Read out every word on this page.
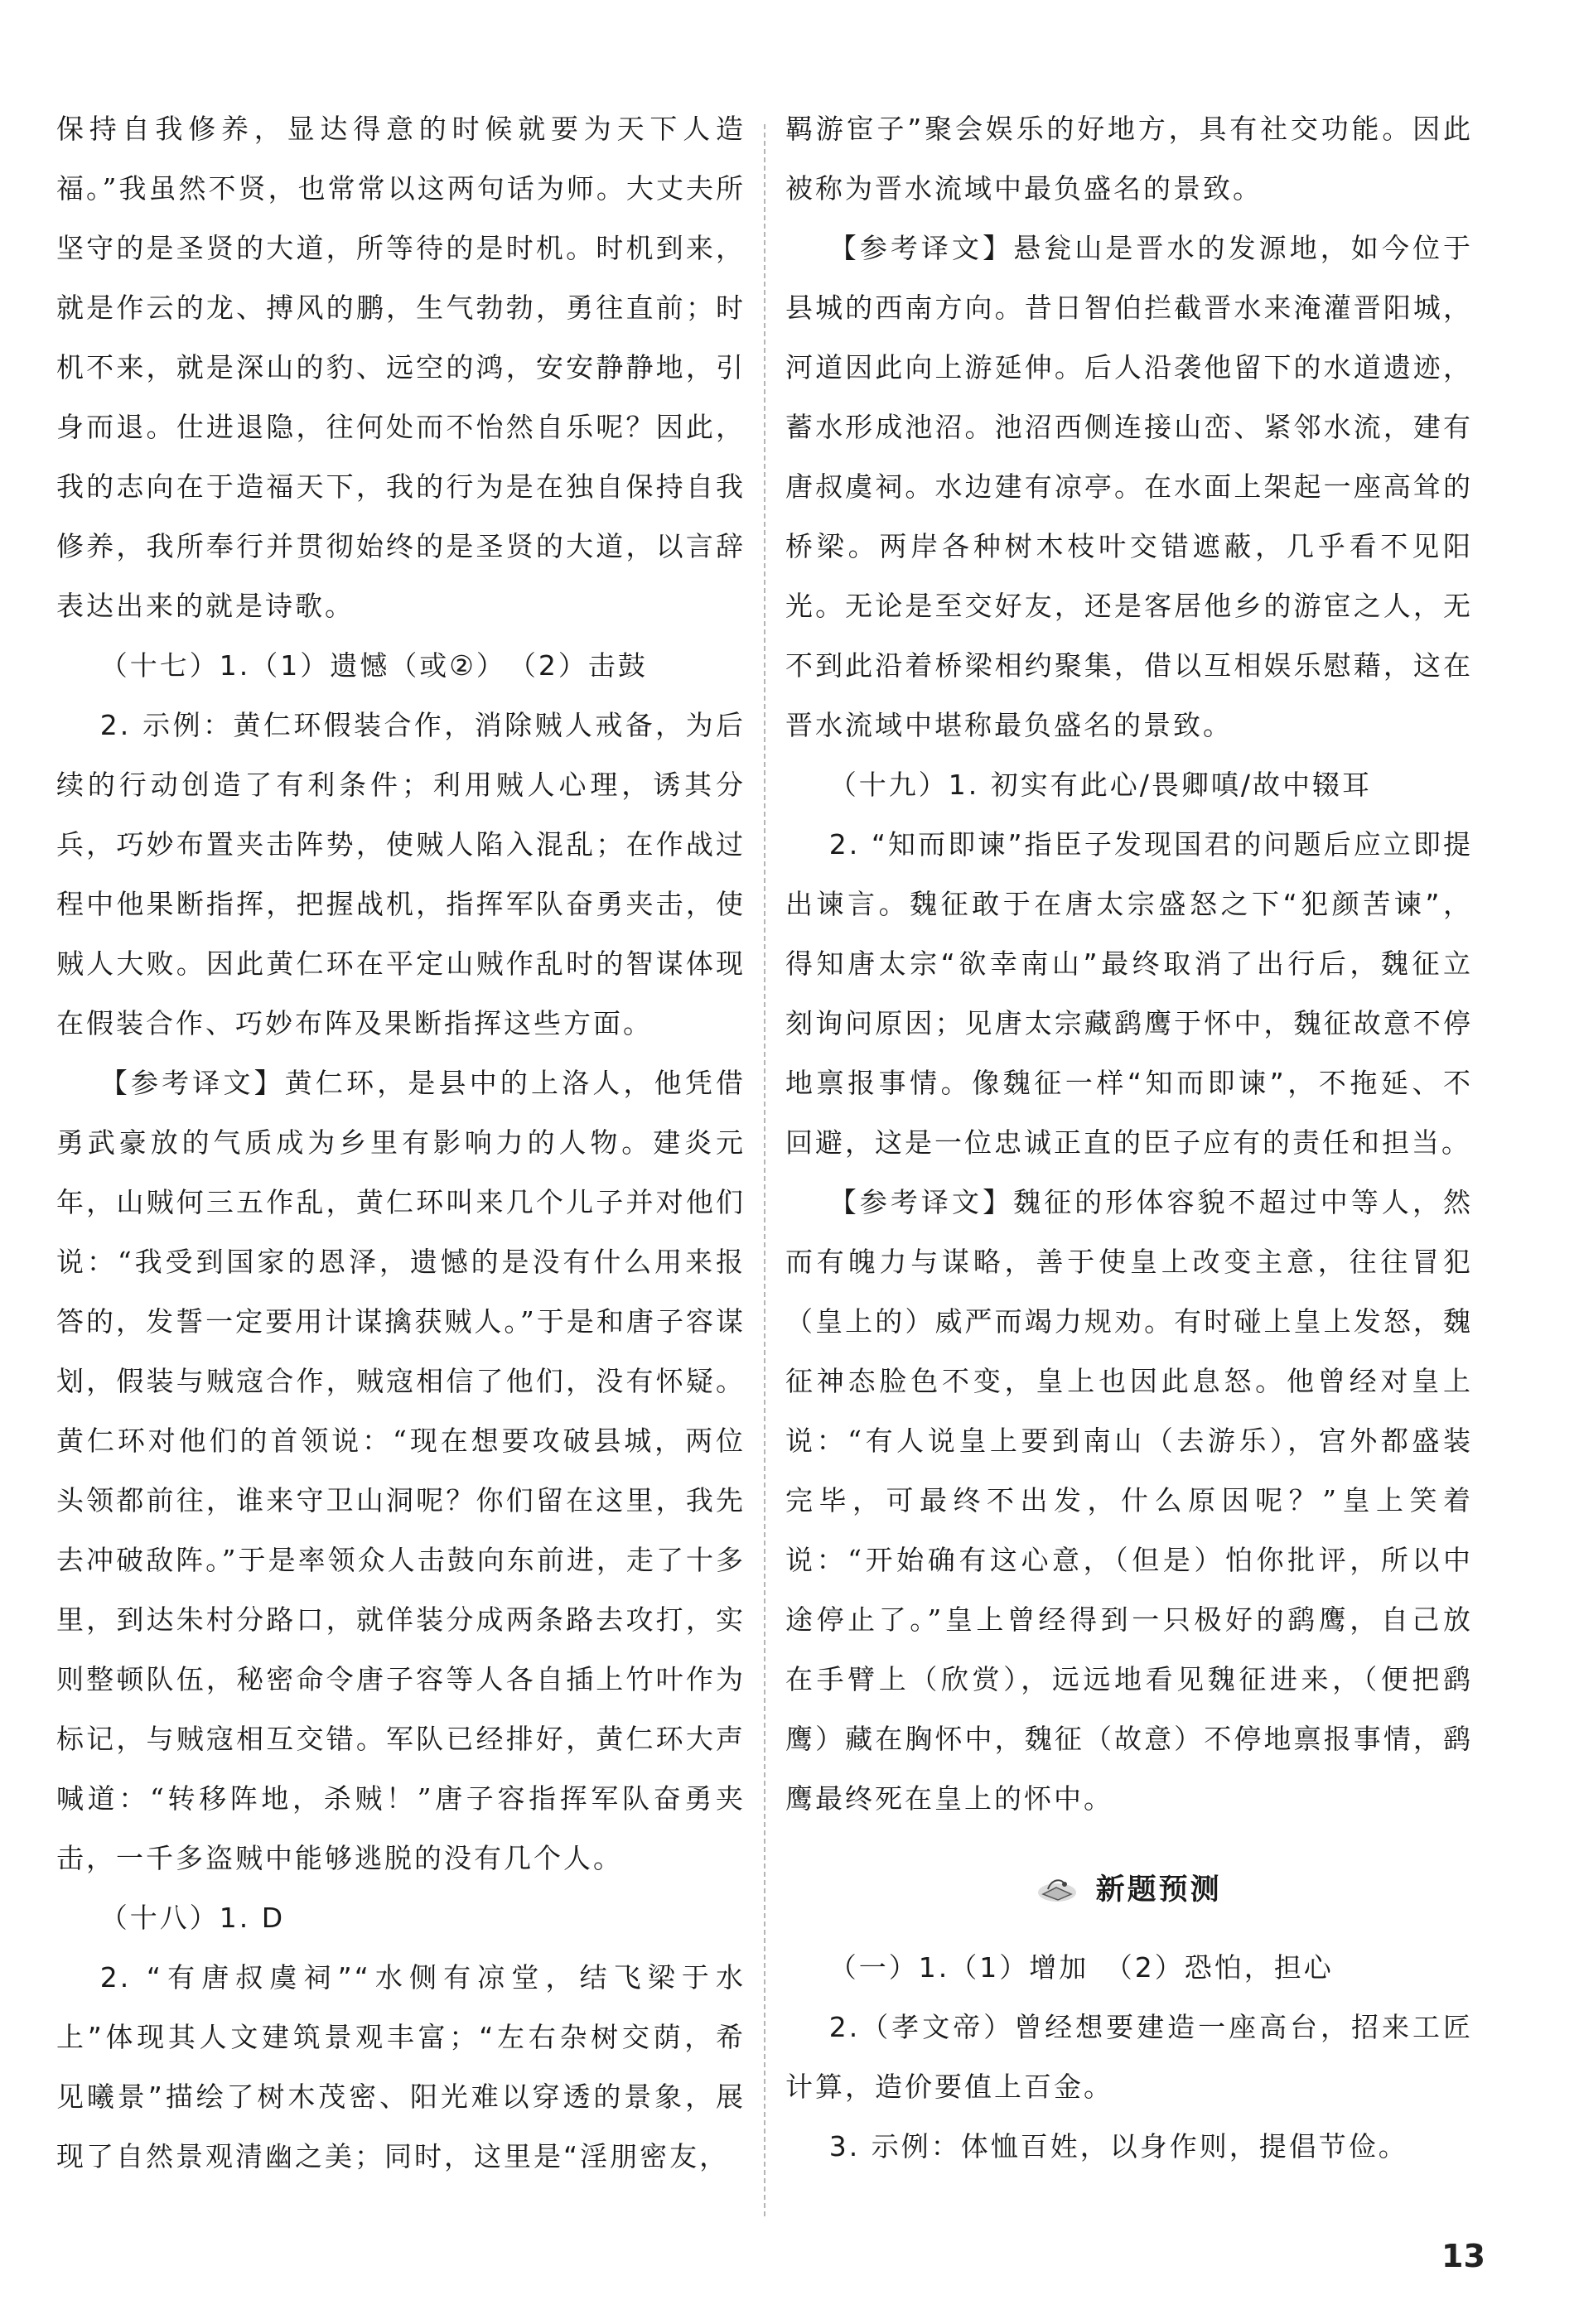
保持自我修养，显达得意的时候就要为天下人造福。”我虽然不贤，也常常以这两句话为师。大丈夫所坚守的是圣贤的大道，所等待的是时机。时机到来，就是作云的龙、搏风的鹏，生气勃勃，勇往直前；时机不来，就是深山的豹、远空的鸿，安安静静地，引身而退。仕进退隐，往何处而不怡然自乐呢？因此，我的志向在于造福天下，我的行为是在独自保持自我修养，我所奉行并贯彻始终的是圣贤的大道，以言辞表达出来的就是诗歌。

（十七）1.（1）遗憾（或②）　（2）击鼓

2. 示例：黄仁环假装合作，消除贼人戒备，为后续的行动创造了有利条件；利用贼人心理，诱其分兵，巧妙布置夹击阵势，使贼人陷入混乱；在作战过程中他果断指挥，把握战机，指挥军队奋勇夹击，使贼人大败。因此黄仁环在平定山贼作乱时的智谋体现在假装合作、巧妙布阵及果断指挥这些方面。

【参考译文】黄仁环，是县中的上洛人，他凭借勇武豪放的气质成为乡里有影响力的人物。建炎元年，山贼何三五作乱，黄仁环叫来几个儿子并对他们说：“我受到国家的恩泽，遗憾的是没有什么用来报答的，发誓一定要用计谋擒获贼人。”于是和唐子容谋划，假装与贼寇合作，贼寇相信了他们，没有怀疑。黄仁环对他们的首领说：“现在想要攻破县城，两位头领都前往，谁来守卫山洞呢？你们留在这里，我先去冲破敌阵。”于是率领众人击鼓向东前进，走了十多里，到达朱村分路口，就佯装分成两条路去攻打，实则整顿队伍，秘密命令唐子容等人各自插上竹叶作为标记，与贼寇相互交错。军队已经排好，黄仁环大声喊道：“转移阵地，杀贼！”唐子容指挥军队奋勇夹击，一千多盗贼中能够逃脱的没有几个人。

（十八）1. D

2. “有唐叔虞祠”“水侧有凉堂，结飞梁于水上”体现其人文建筑景观丰富；“左右杂树交荫，希见曦景”描绘了树木茂密、阳光难以穿透的景象，展现了自然景观清幽之美；同时，这里是“淫朋密友，

羁游宦子”聚会娱乐的好地方，具有社交功能。因此被称为晋水流域中最负盛名的景致。

【参考译文】悬瓮山是晋水的发源地，如今位于县城的西南方向。昔日智伯拦截晋水来淹灌晋阳城，河道因此向上游延伸。后人沿袭他留下的水道遗迹，蓄水形成池沼。池沼西侧连接山峦、紧邻水流，建有唐叔虞祠。水边建有凉亭。在水面上架起一座高耸的桥梁。两岸各种树木枝叶交错遮蔽，几乎看不见阳光。无论是至交好友，还是客居他乡的游宦之人，无不到此沿着桥梁相约聚集，借以互相娱乐慰藉，这在晋水流域中堪称最负盛名的景致。

（十九）1. 初实有此心/畏卿嗔/故中辍耳

2. “知而即谏”指臣子发现国君的问题后应立即提出谏言。魏征敢于在唐太宗盛怒之下“犯颜苦谏”，得知唐太宗“欲幸南山”最终取消了出行后，魏征立刻询问原因；见唐太宗藏鹞鹰于怀中，魏征故意不停地禀报事情。像魏征一样“知而即谏”，不拖延、不回避，这是一位忠诚正直的臣子应有的责任和担当。

【参考译文】魏征的形体容貌不超过中等人，然而有魄力与谋略，善于使皇上改变主意，往往冒犯（皇上的）威严而竭力规劝。有时碰上皇上发怒，魏征神态脸色不变，皇上也因此息怒。他曾经对皇上说：“有人说皇上要到南山（去游乐），宫外都盛装完毕，可最终不出发，什么原因呢？”皇上笑着说：“开始确有这心意，（但是）怕你批评，所以中途停止了。”皇上曾经得到一只极好的鹞鹰，自己放在手臂上（欣赏），远远地看见魏征进来，（便把鹞鹰）藏在胸怀中，魏征（故意）不停地禀报事情，鹞鹰最终死在皇上的怀中。

新题预测

（一）1.（1）增加　（2）恐怕，担心

2.（孝文帝）曾经想要建造一座高台，招来工匠计算，造价要值上百金。

3. 示例：体恤百姓，以身作则，提倡节俭。

13
